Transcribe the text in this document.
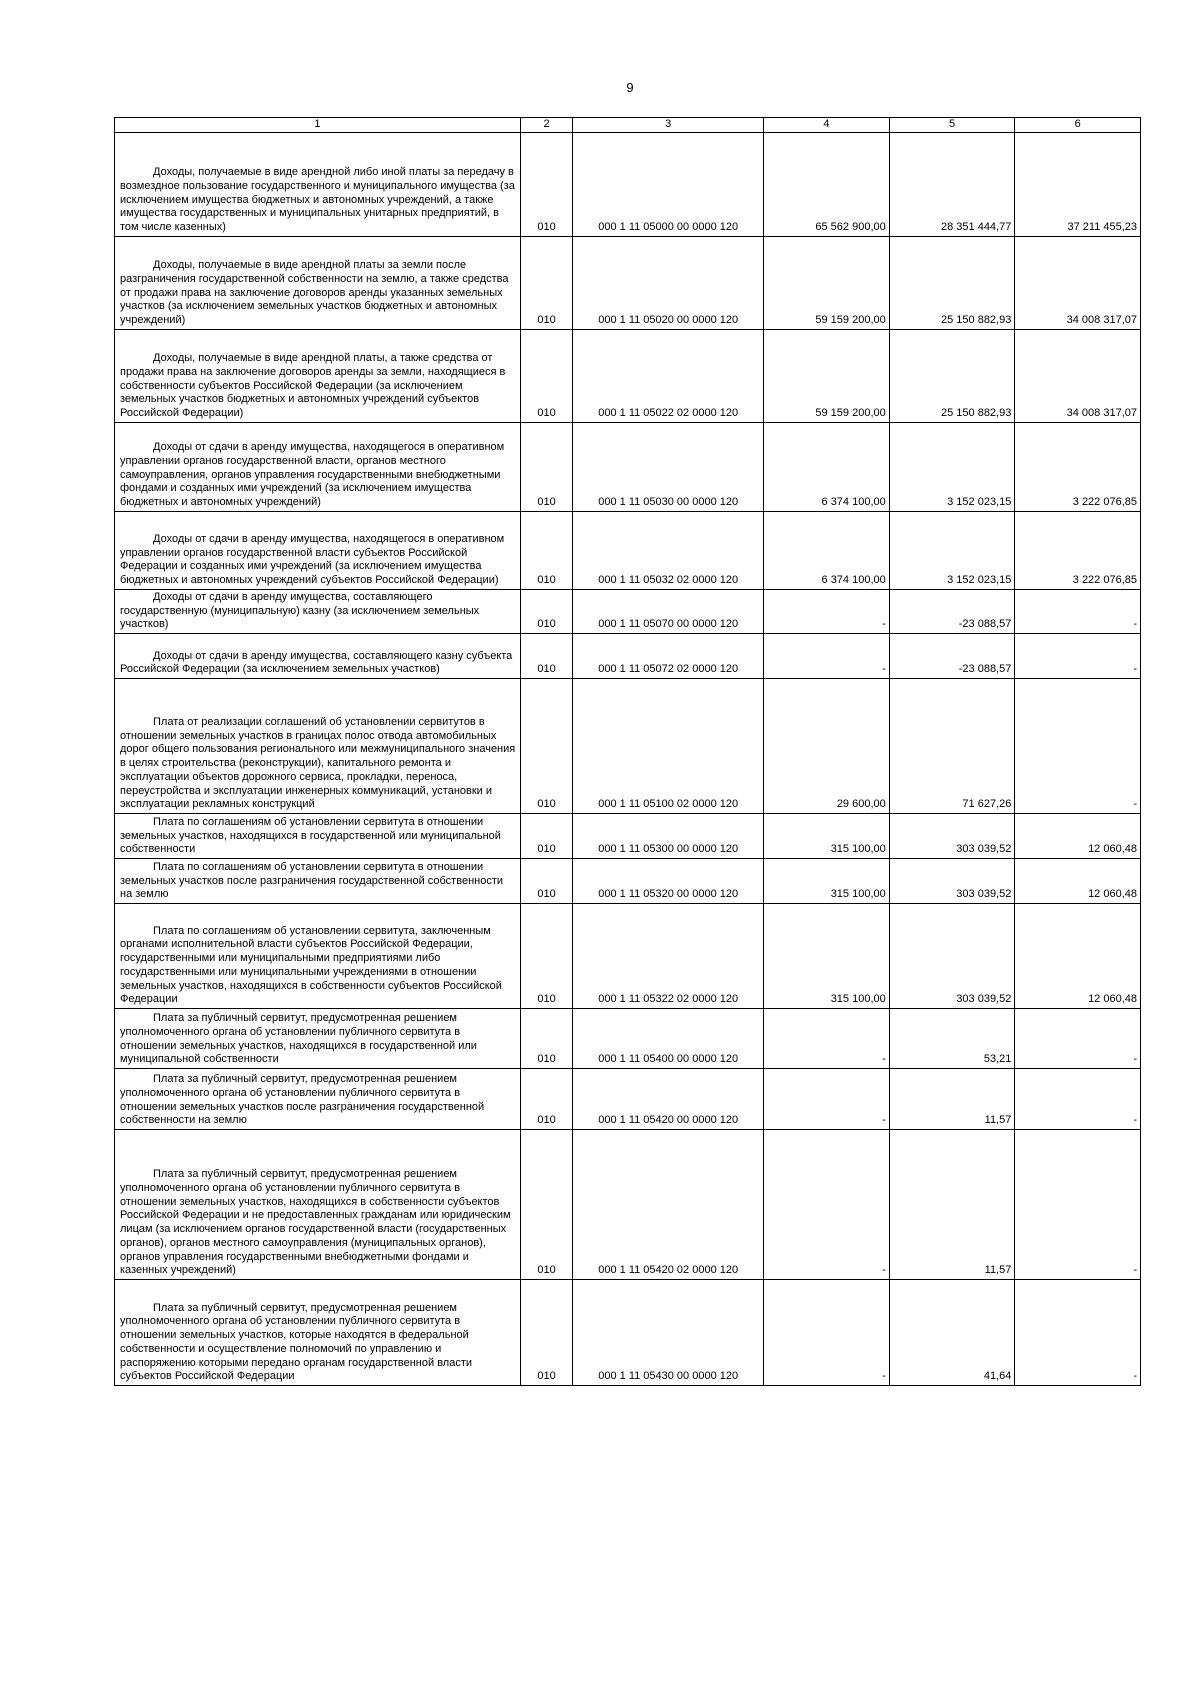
9
1	2	3	4	5	6

Доходы, получаемые в виде арендной либо иной платы за передачу в возмездное пользование государственного и муниципального имущества (за исключением имущества бюджетных и автономных учреждений, а также имущества государственных и муниципальных унитарных предприятий, в том числе казенных)	010	000 1 11 05000 00 0000 120	65 562 900,00	28 351 444,77	37 211 455,23

Доходы, получаемые в виде арендной платы за земли после разграничения государственной собственности на землю, а также средства от продажи права на заключение договоров аренды указанных земельных участков (за исключением земельных участков бюджетных и автономных учреждений)	010	000 1 11 05020 00 0000 120	59 159 200,00	25 150 882,93	34 008 317,07

Доходы, получаемые в виде арендной платы, а также средства от продажи права на заключение договоров аренды за земли, находящиеся в собственности субъектов Российской Федерации (за исключением земельных участков бюджетных и автономных учреждений субъектов Российской Федерации)	010	000 1 11 05022 02 0000 120	59 159 200,00	25 150 882,93	34 008 317,07

Доходы от сдачи в аренду имущества, находящегося в оперативном управлении органов государственной власти, органов местного самоуправления, органов управления государственными внебюджетными фондами и созданных ими учреждений (за исключением имущества бюджетных и автономных учреждений)	010	000 1 11 05030 00 0000 120	6 374 100,00	3 152 023,15	3 222 076,85

Доходы от сдачи в аренду имущества, находящегося в оперативном управлении органов государственной власти субъектов Российской Федерации и созданных ими учреждений (за исключением имущества бюджетных и автономных учреждений субъектов Российской Федерации)	010	000 1 11 05032 02 0000 120	6 374 100,00	3 152 023,15	3 222 076,85

Доходы от сдачи в аренду имущества, составляющего государственную (муниципальную) казну (за исключением земельных участков)	010	000 1 11 05070 00 0000 120	-	-23 088,57	-

Доходы от сдачи в аренду имущества, составляющего казну субъекта Российской Федерации (за исключением земельных участков)	010	000 1 11 05072 02 0000 120	-	-23 088,57	-

Плата от реализации соглашений об установлении сервитутов в отношении земельных участков в границах полос отвода автомобильных дорог общего пользования регионального или межмуниципального значения в целях строительства (реконструкции), капитального ремонта и эксплуатации объектов дорожного сервиса, прокладки, переноса, переустройства и эксплуатации инженерных коммуникаций, установки и эксплуатации рекламных конструкций	010	000 1 11 05100 02 0000 120	29 600,00	71 627,26	-

Плата по соглашениям об установлении сервитута в отношении земельных участков, находящихся в государственной или муниципальной собственности	010	000 1 11 05300 00 0000 120	315 100,00	303 039,52	12 060,48

Плата по соглашениям об установлении сервитута в отношении земельных участков после разграничения государственной собственности на землю	010	000 1 11 05320 00 0000 120	315 100,00	303 039,52	12 060,48

Плата по соглашениям об установлении сервитута, заключенным органами исполнительной власти субъектов Российской Федерации, государственными или муниципальными предприятиями либо государственными или муниципальными учреждениями в отношении земельных участков, находящихся в собственности субъектов Российской Федерации	010	000 1 11 05322 02 0000 120	315 100,00	303 039,52	12 060,48

Плата за публичный сервитут, предусмотренная решением уполномоченного органа об установлении публичного сервитута в отношении земельных участков, находящихся в государственной или муниципальной собственности	010	000 1 11 05400 00 0000 120	-	53,21	-

Плата за публичный сервитут, предусмотренная решением уполномоченного органа об установлении публичного сервитута в отношении земельных участков после разграничения государственной собственности на землю	010	000 1 11 05420 00 0000 120	-	11,57	-

Плата за публичный сервитут, предусмотренная решением уполномоченного органа об установлении публичного сервитута в отношении земельных участков, находящихся в собственности субъектов Российской Федерации и не предоставленных гражданам или юридическим лицам (за исключением органов государственной власти (государственных органов), органов местного самоуправления (муниципальных органов), органов управления государственными внебюджетными фондами и казенных учреждений)	010	000 1 11 05420 02 0000 120	-	11,57	-

Плата за публичный сервитут, предусмотренная решением уполномоченного органа об установлении публичного сервитута в отношении земельных участков, которые находятся в федеральной собственности и осуществление полномочий по управлению и распоряжению которыми передано органам государственной власти субъектов Российской Федерации	010	000 1 11 05430 00 0000 120	-	41,64	-
